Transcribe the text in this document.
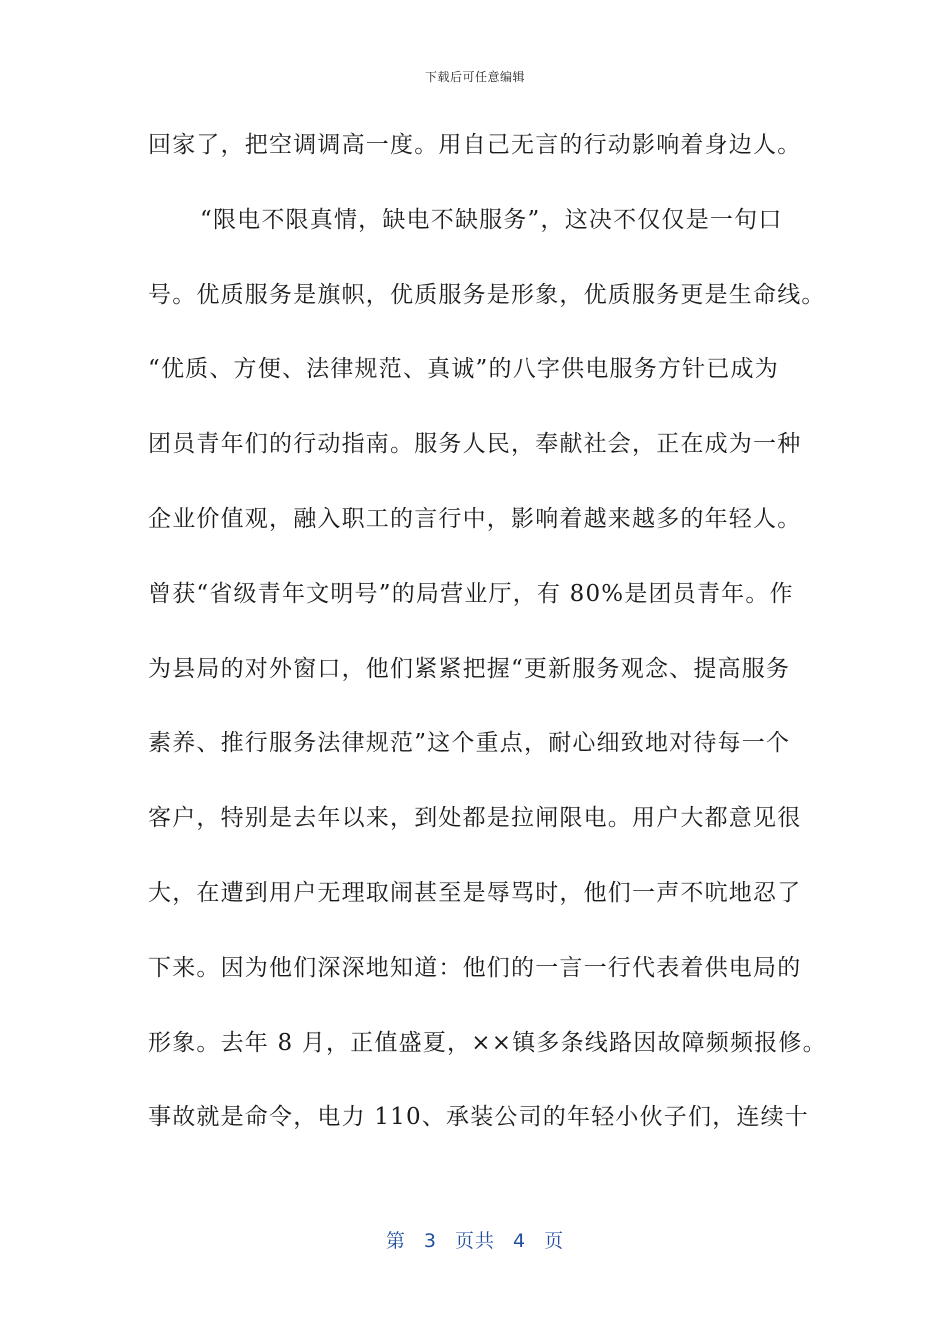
下载后可任意编辑
回家了，把空调调高一度。用自己无言的行动影响着身边人。
“限电不限真情，缺电不缺服务”，这决不仅仅是一句口
号。优质服务是旗帜，优质服务是形象，优质服务更是生命线。
“优质、方便、法律规范、真诚”的八字供电服务方针已成为
团员青年们的行动指南。服务人民，奉献社会，正在成为一种
企业价值观，融入职工的言行中，影响着越来越多的年轻人。
曾获“省级青年文明号”的局营业厅，有 80%是团员青年。作
为县局的对外窗口，他们紧紧把握“更新服务观念、提高服务
素养、推行服务法律规范”这个重点，耐心细致地对待每一个
客户，特别是去年以来，到处都是拉闸限电。用户大都意见很
大，在遭到用户无理取闹甚至是辱骂时，他们一声不吭地忍了
下来。因为他们深深地知道：他们的一言一行代表着供电局的
形象。去年 8 月，正值盛夏，××镇多条线路因故障频频报修。
事故就是命令，电力 110、承装公司的年轻小伙子们，连续十
第 3 页共 4 页
